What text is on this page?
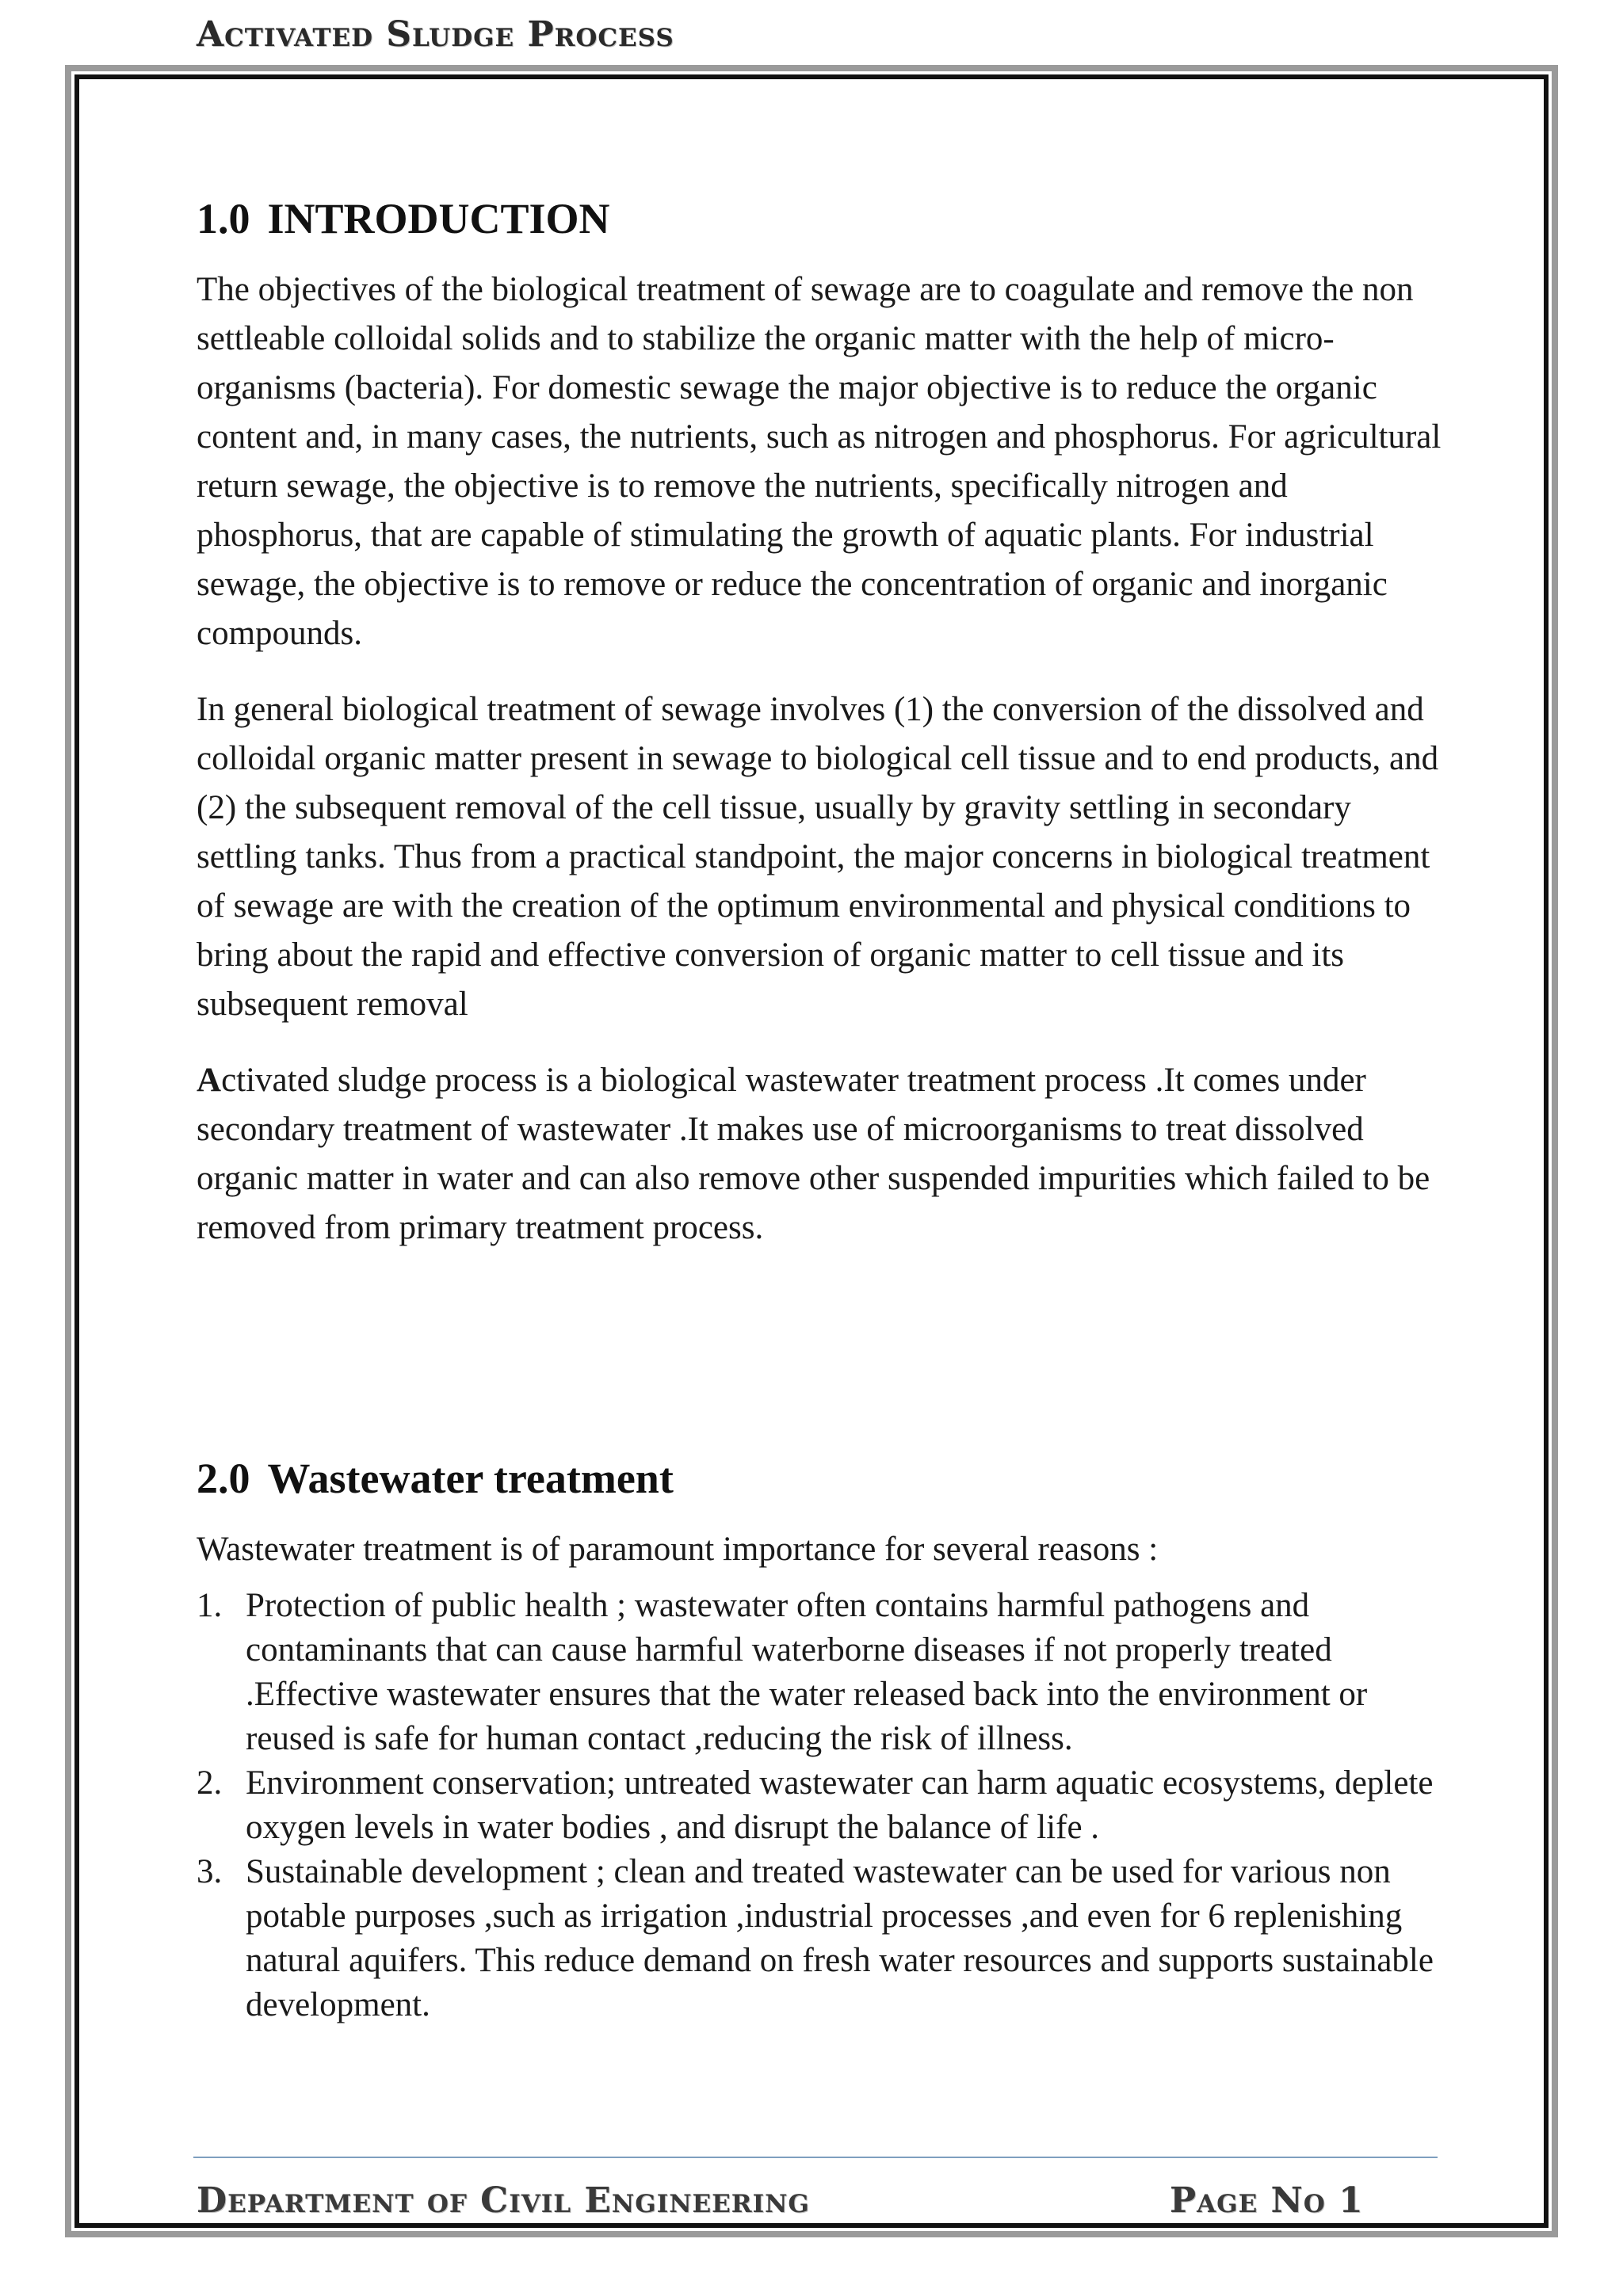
Activated Sludge Process
1.0 INTRODUCTION

The objectives of the biological treatment of sewage are to coagulate and remove the non settleable colloidal solids and to stabilize the organic matter with the help of micro-organisms (bacteria). For domestic sewage the major objective is to reduce the organic content and, in many cases, the nutrients, such as nitrogen and phosphorus. For agricultural return sewage, the objective is to remove the nutrients, specifically nitrogen and phosphorus, that are capable of stimulating the growth of aquatic plants. For industrial sewage, the objective is to remove or reduce the concentration of organic and inorganic compounds.

In general biological treatment of sewage involves (1) the conversion of the dissolved and colloidal organic matter present in sewage to biological cell tissue and to end products, and (2) the subsequent removal of the cell tissue, usually by gravity settling in secondary settling tanks. Thus from a practical standpoint, the major concerns in biological treatment of sewage are with the creation of the optimum environmental and physical conditions to bring about the rapid and effective conversion of organic matter to cell tissue and its subsequent removal

Activated sludge process is a biological wastewater treatment process .It comes under secondary treatment of wastewater .It makes use of microorganisms to treat dissolved organic matter in water and can also remove other suspended impurities which failed to be removed from primary treatment process.

2.0 Wastewater treatment
Wastewater treatment is of paramount importance for several reasons :
1. Protection of public health ; wastewater often contains harmful pathogens and contaminants that can cause harmful waterborne diseases if not properly treated .Effective wastewater ensures that the water released back into the environment or reused is safe for human contact ,reducing the risk of illness.
2. Environment conservation; untreated wastewater can harm aquatic ecosystems, deplete oxygen levels in water bodies , and disrupt the balance of life .
3. Sustainable development ; clean and treated wastewater can be used for various non potable purposes ,such as irrigation ,industrial processes ,and even for 6 replenishing natural aquifers. This reduce demand on fresh water resources and supports sustainable development.
Department of Civil Engineering	Page No 1
